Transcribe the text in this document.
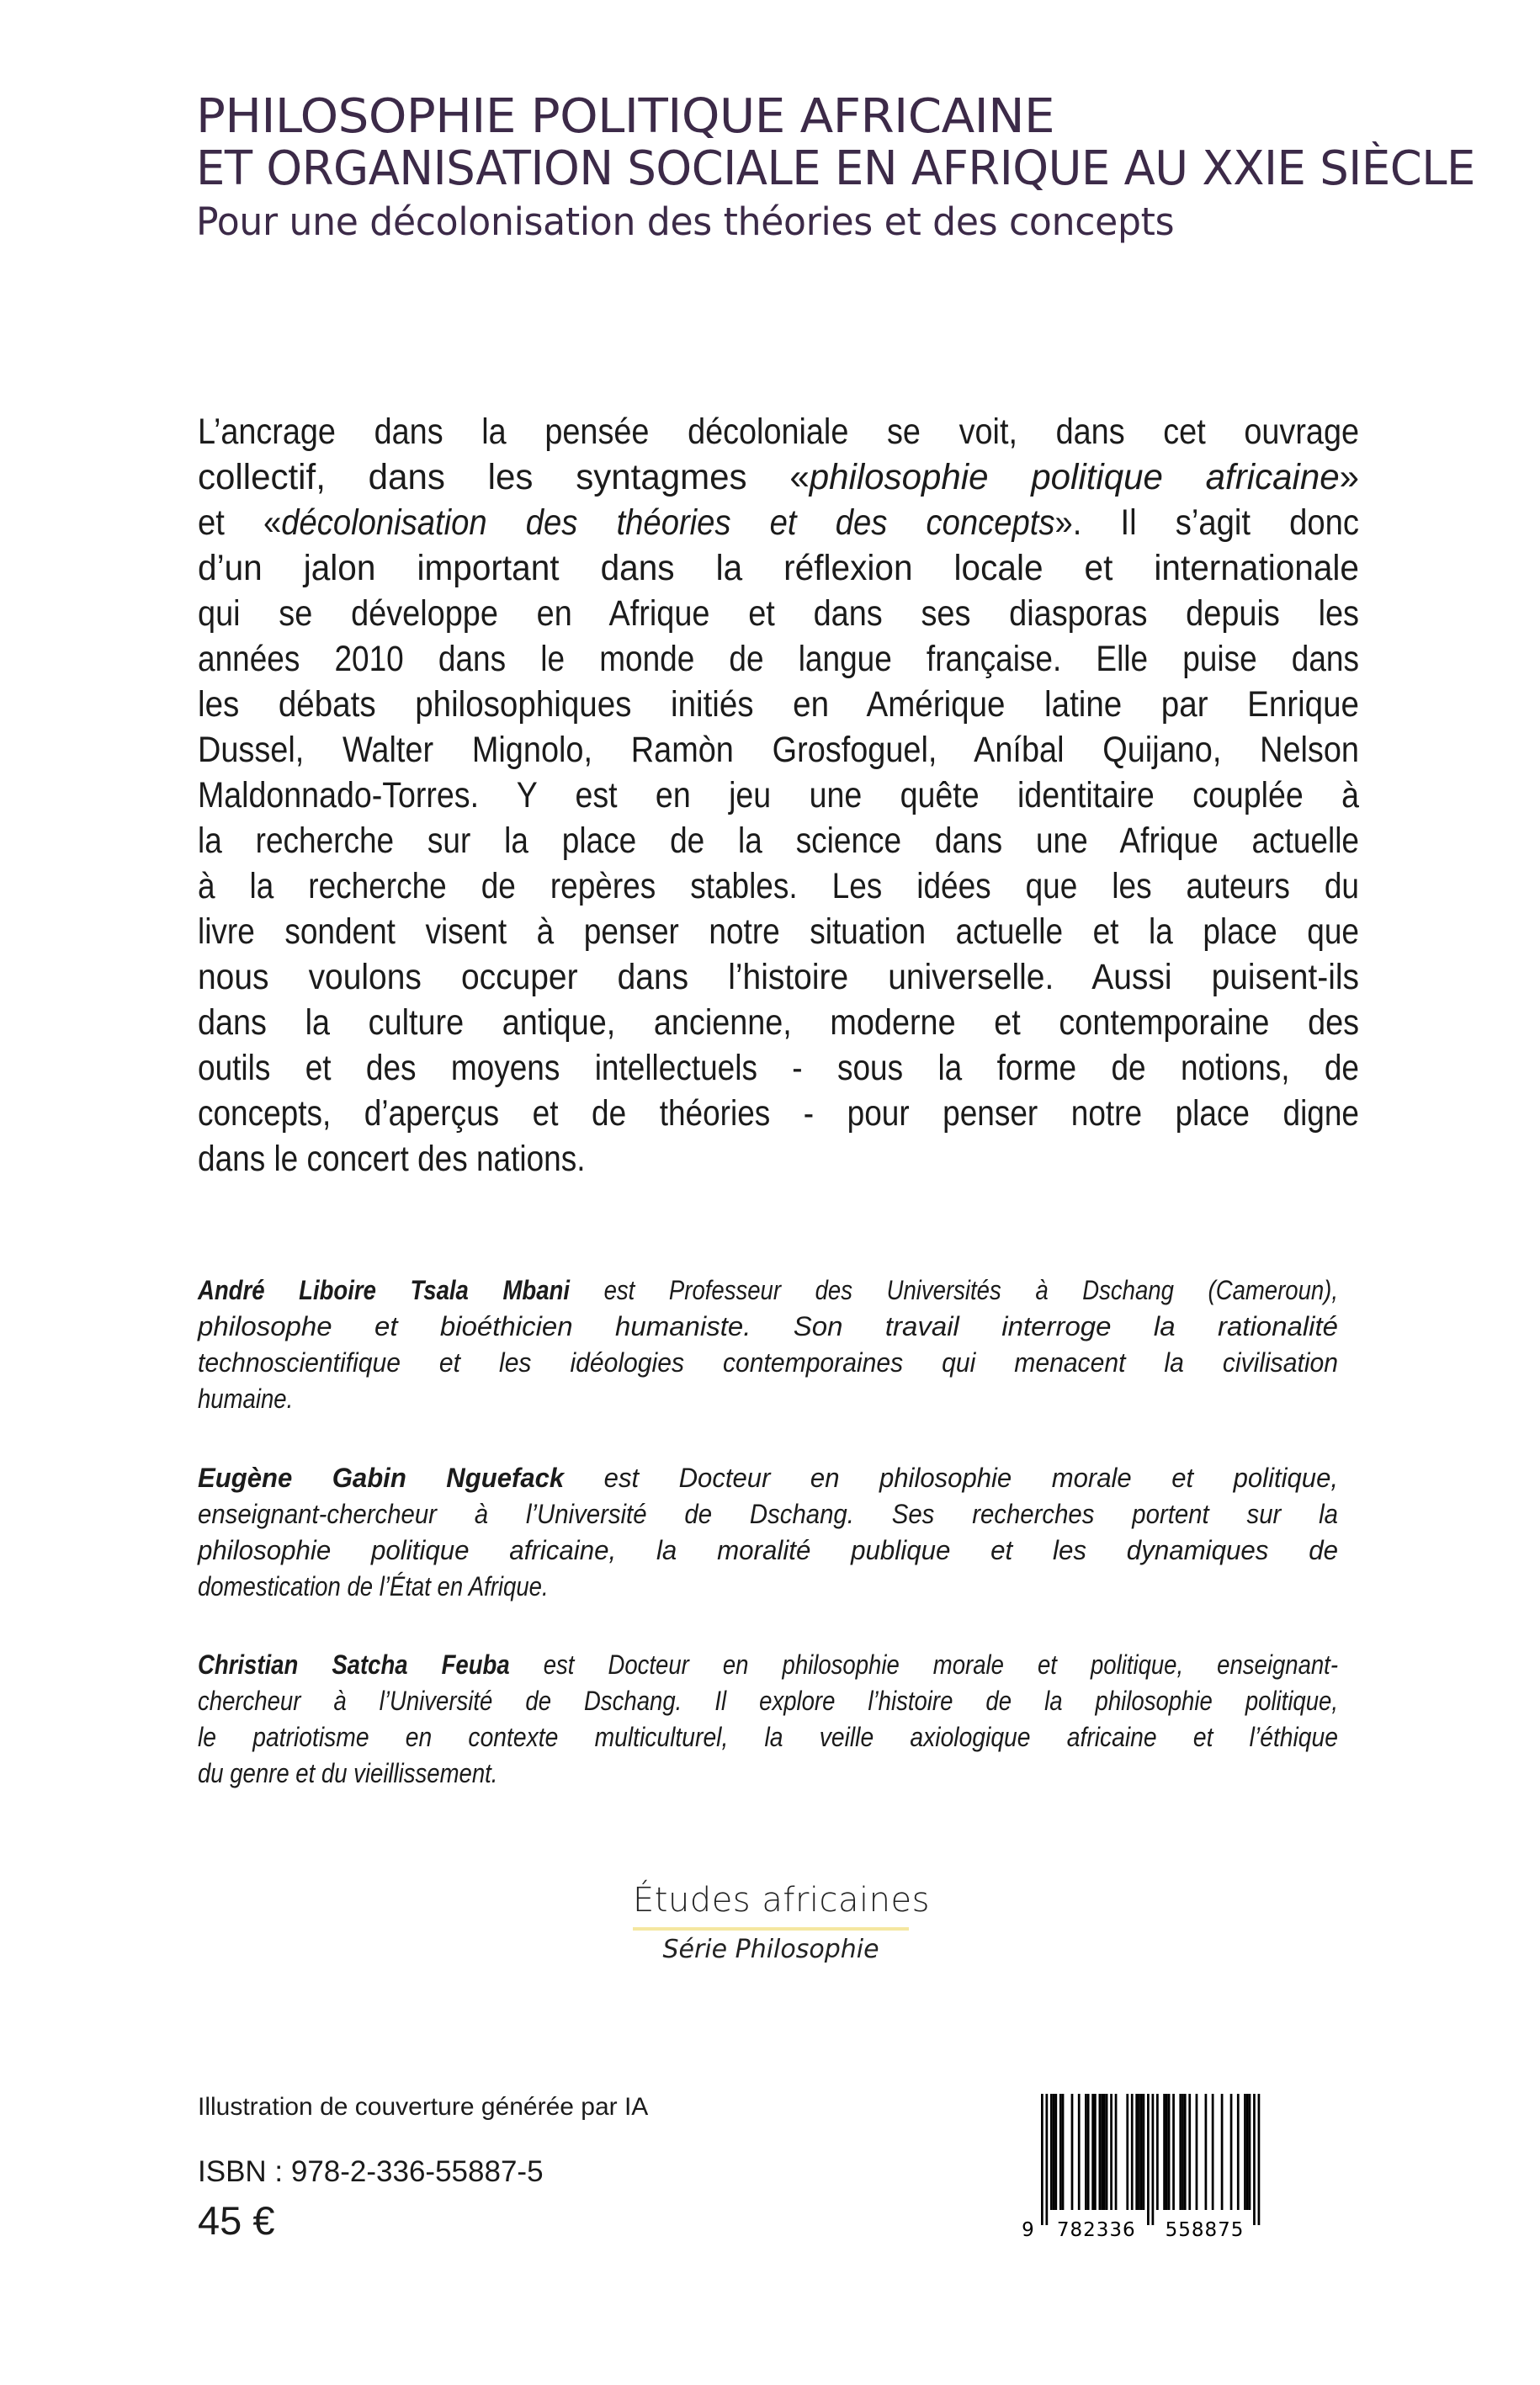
PHILOSOPHIE POLITIQUE AFRICAINE
ET ORGANISATION SOCIALE EN AFRIQUE AU XXIE SIÈCLE
Pour une décolonisation des théories et des concepts
L’ancrage dans la pensée décoloniale se voit, dans cet ouvrage
collectif, dans les syntagmes «philosophie politique africaine»
et «décolonisation des théories et des concepts». Il s’agit donc
d’un jalon important dans la réflexion locale et internationale
qui se développe en Afrique et dans ses diasporas depuis les
années 2010 dans le monde de langue française. Elle puise dans
les débats philosophiques initiés en Amérique latine par Enrique
Dussel, Walter Mignolo, Ramòn Grosfoguel, Aníbal Quijano, Nelson
Maldonnado-Torres. Y est en jeu une quête identitaire couplée à
la recherche sur la place de la science dans une Afrique actuelle
à la recherche de repères stables. Les idées que les auteurs du
livre sondent visent à penser notre situation actuelle et la place que
nous voulons occuper dans l’histoire universelle. Aussi puisent-ils
dans la culture antique, ancienne, moderne et contemporaine des
outils et des moyens intellectuels - sous la forme de notions, de
concepts, d’aperçus et de théories - pour penser notre place digne
dans le concert des nations.
André Liboire Tsala Mbani est Professeur des Universités à Dschang (Cameroun),
philosophe et bioéthicien humaniste. Son travail interroge la rationalité
technoscientifique et les idéologies contemporaines qui menacent la civilisation
humaine.
Eugène Gabin Nguefack est Docteur en philosophie morale et politique,
enseignant-chercheur à l’Université de Dschang. Ses recherches portent sur la
philosophie politique africaine, la moralité publique et les dynamiques de
domestication de l’État en Afrique.
Christian Satcha Feuba est Docteur en philosophie morale et politique, enseignant-
chercheur à l’Université de Dschang. Il explore l’histoire de la philosophie politique,
le patriotisme en contexte multiculturel, la veille axiologique africaine et l’éthique
du genre et du vieillissement.
Études africaines
Série Philosophie
Illustration de couverture générée par IA
ISBN : 978-2-336-55887-5
45 €	9 782336 558875
